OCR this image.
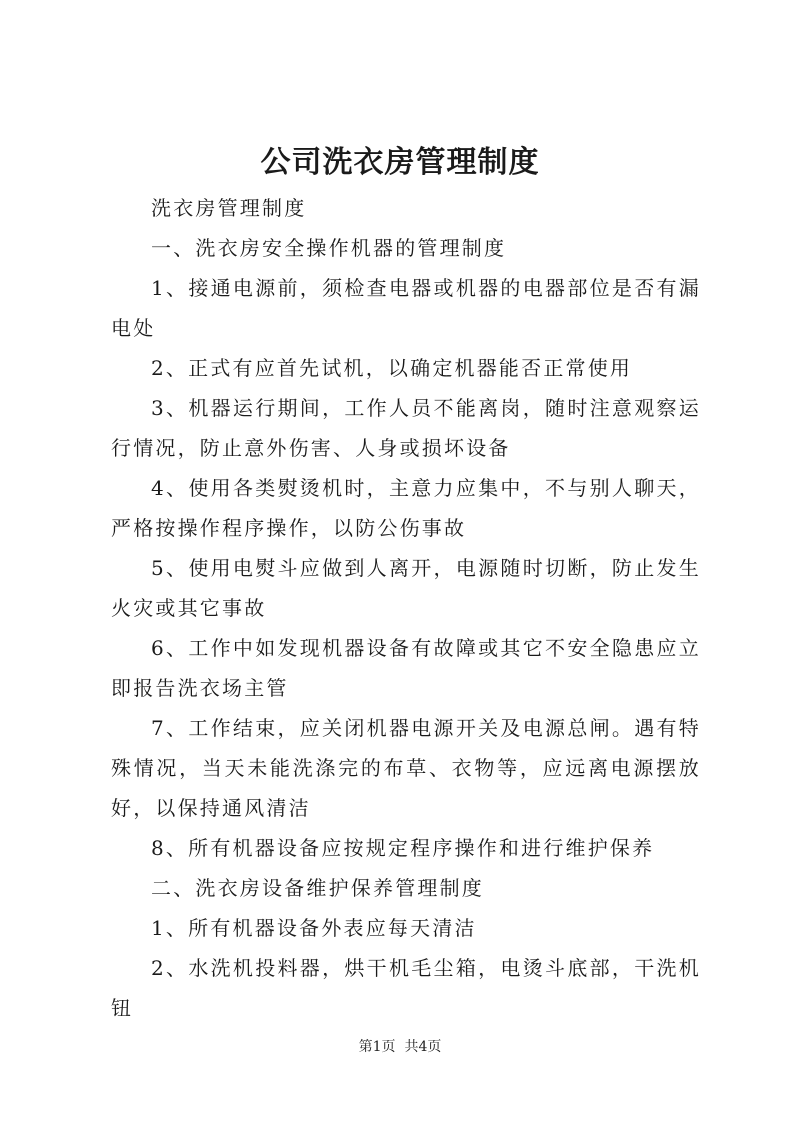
公司洗衣房管理制度

洗衣房管理制度

一、洗衣房安全操作机器的管理制度

1、接通电源前，须检查电器或机器的电器部位是否有漏电处

2、正式有应首先试机，以确定机器能否正常使用

3、机器运行期间，工作人员不能离岗，随时注意观察运行情况，防止意外伤害、人身或损坏设备

4、使用各类熨烫机时，主意力应集中，不与别人聊天，严格按操作程序操作，以防公伤事故

5、使用电熨斗应做到人离开，电源随时切断，防止发生火灾或其它事故

6、工作中如发现机器设备有故障或其它不安全隐患应立即报告洗衣场主管

7、工作结束，应关闭机器电源开关及电源总闸。遇有特殊情况，当天未能洗涤完的布草、衣物等，应远离电源摆放好，以保持通风清洁

8、所有机器设备应按规定程序操作和进行维护保养

二、洗衣房设备维护保养管理制度

1、所有机器设备外表应每天清洁

2、水洗机投料器，烘干机毛尘箱，电烫斗底部，干洗机钮

第1页 共4页
